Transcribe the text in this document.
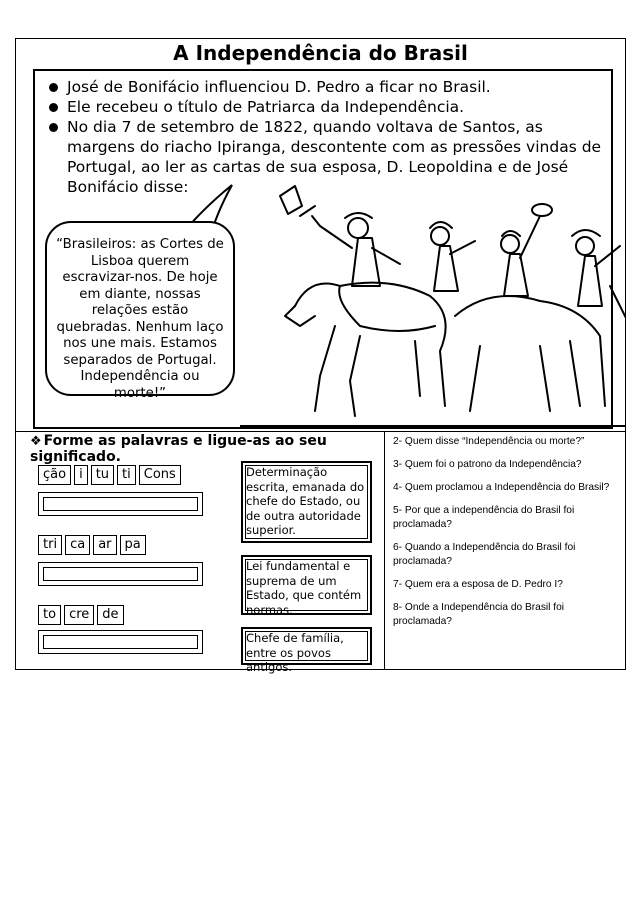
A Independência do Brasil
José de Bonifácio influenciou D. Pedro a ficar no Brasil.
Ele recebeu o título de Patriarca da Independência.
No dia 7 de setembro de 1822, quando voltava de Santos, as margens do riacho Ipiranga, descontente com as pressões vindas de Portugal, ao ler as cartas de sua esposa, D. Leopoldina e de José Bonifácio disse:
“Brasileiros: as Cortes de Lisboa querem escravizar-nos. De hoje em diante, nossas relações estão quebradas. Nenhum laço nos une mais. Estamos separados de Portugal. Independência ou morte!”
❖ Forme as palavras e ligue-as ao seu significado.
ção	i	tu	ti	Cons
tri	ca	ar	pa
to	cre	de
Determinação escrita, emanada do chefe do Estado, ou de outra autoridade superior.
Lei fundamental e suprema de um Estado, que contém normas.
Chefe de família, entre os povos antigos.

2- Quem disse “Independência ou morte?”

3- Quem foi o patrono da Independência?

4- Quem proclamou a Independência do Brasil?

5- Por que a independência do Brasil foi proclamada?

6- Quando a Independência do Brasil foi proclamada?

7- Quem era a esposa de D. Pedro I?

8- Onde a Independência do Brasil foi proclamada?
